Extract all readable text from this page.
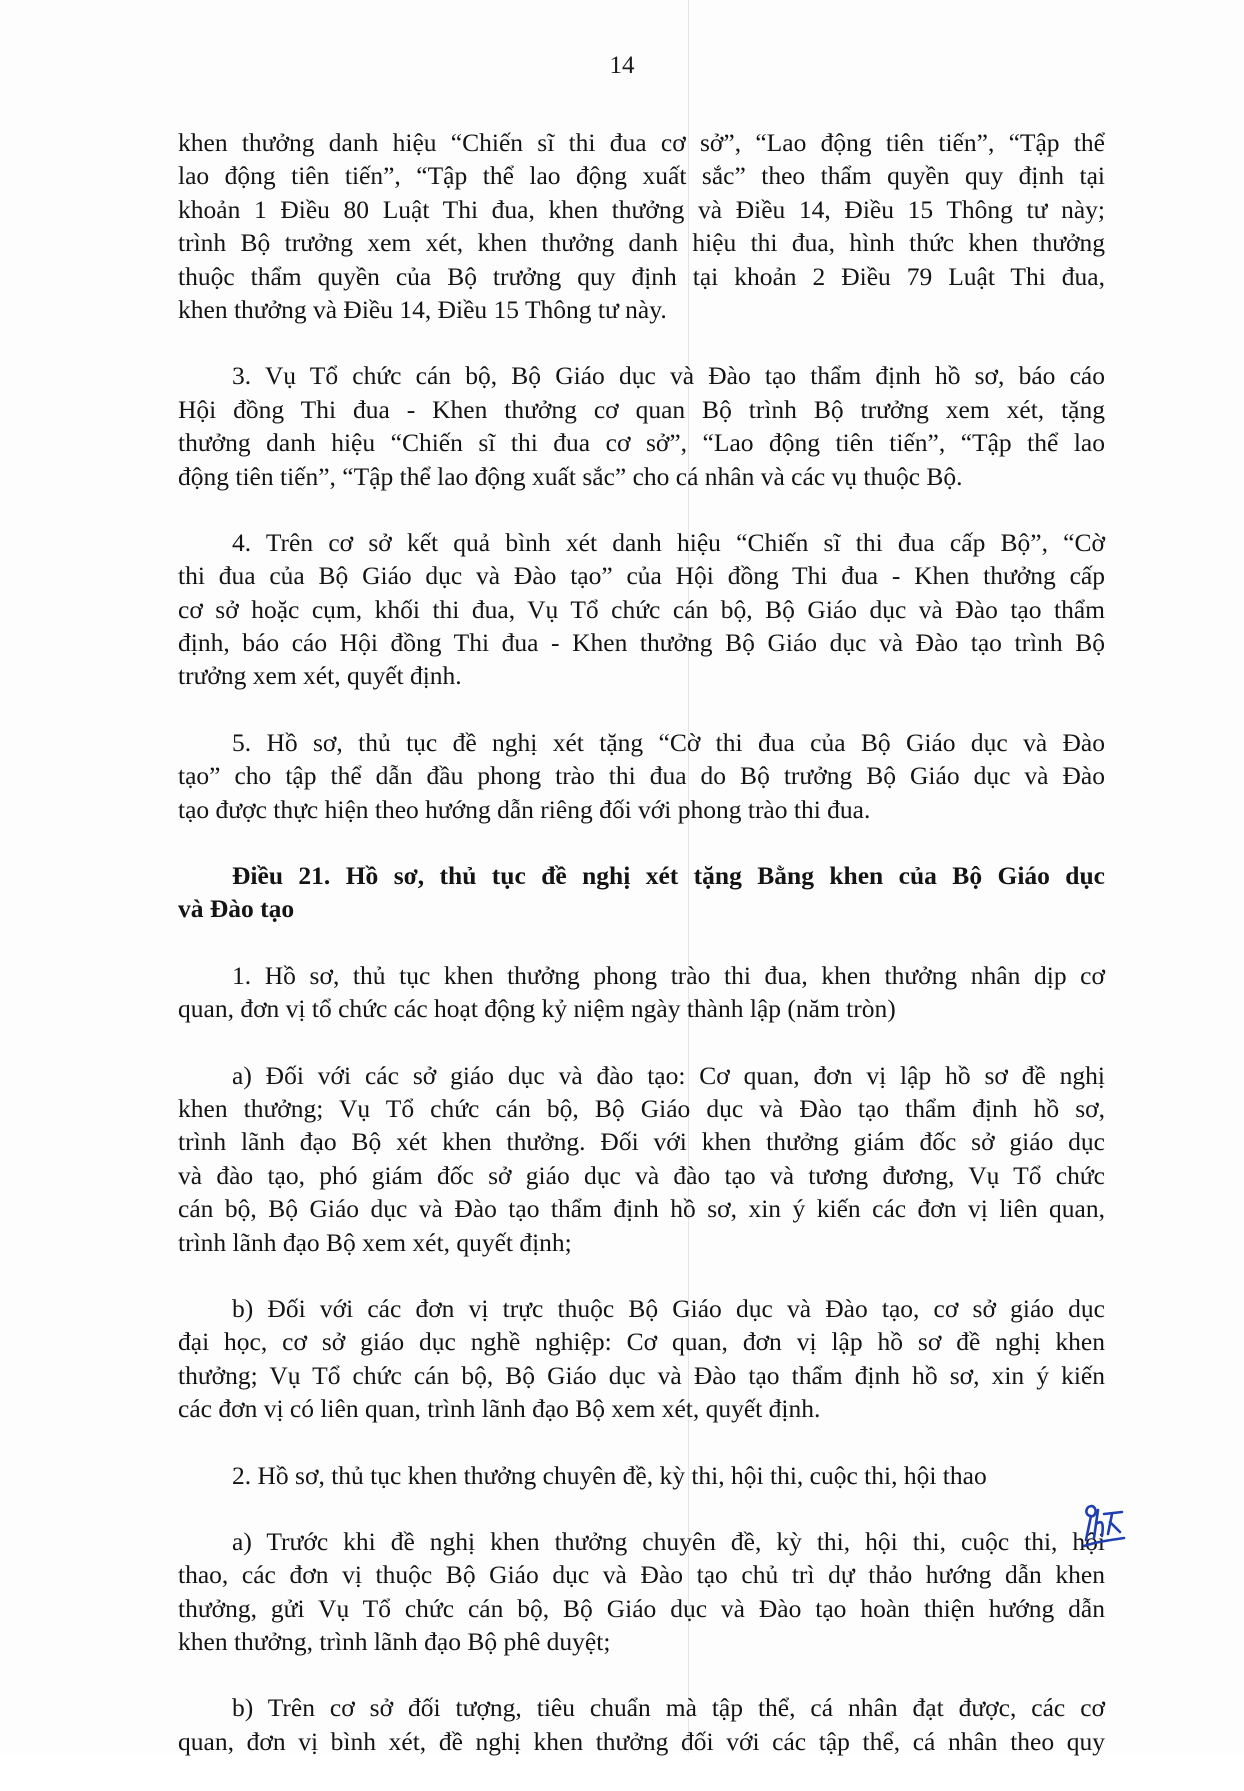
14
khen thưởng danh hiệu “Chiến sĩ thi đua cơ sở”, “Lao động tiên tiến”, “Tập thể
lao động tiên tiến”, “Tập thể lao động xuất sắc” theo thẩm quyền quy định tại
khoản 1 Điều 80 Luật Thi đua, khen thưởng và Điều 14, Điều 15 Thông tư này;
trình Bộ trưởng xem xét, khen thưởng danh hiệu thi đua, hình thức khen thưởng
thuộc thẩm quyền của Bộ trưởng quy định tại khoản 2 Điều 79 Luật Thi đua,
khen thưởng và Điều 14, Điều 15 Thông tư này.
3. Vụ Tổ chức cán bộ, Bộ Giáo dục và Đào tạo thẩm định hồ sơ, báo cáo
Hội đồng Thi đua - Khen thưởng cơ quan Bộ trình Bộ trưởng xem xét, tặng
thưởng danh hiệu “Chiến sĩ thi đua cơ sở”, “Lao động tiên tiến”, “Tập thể lao
động tiên tiến”, “Tập thể lao động xuất sắc” cho cá nhân và các vụ thuộc Bộ.
4. Trên cơ sở kết quả bình xét danh hiệu “Chiến sĩ thi đua cấp Bộ”, “Cờ
thi đua của Bộ Giáo dục và Đào tạo” của Hội đồng Thi đua - Khen thưởng cấp
cơ sở hoặc cụm, khối thi đua, Vụ Tổ chức cán bộ, Bộ Giáo dục và Đào tạo thẩm
định, báo cáo Hội đồng Thi đua - Khen thưởng Bộ Giáo dục và Đào tạo trình Bộ
trưởng xem xét, quyết định.
5. Hồ sơ, thủ tục đề nghị xét tặng “Cờ thi đua của Bộ Giáo dục và Đào
tạo” cho tập thể dẫn đầu phong trào thi đua do Bộ trưởng Bộ Giáo dục và Đào
tạo được thực hiện theo hướng dẫn riêng đối với phong trào thi đua.
Điều 21. Hồ sơ, thủ tục đề nghị xét tặng Bằng khen của Bộ Giáo dục
và Đào tạo
1. Hồ sơ, thủ tục khen thưởng phong trào thi đua, khen thưởng nhân dịp cơ
quan, đơn vị tổ chức các hoạt động kỷ niệm ngày thành lập (năm tròn)
a) Đối với các sở giáo dục và đào tạo: Cơ quan, đơn vị lập hồ sơ đề nghị
khen thưởng; Vụ Tổ chức cán bộ, Bộ Giáo dục và Đào tạo thẩm định hồ sơ,
trình lãnh đạo Bộ xét khen thưởng. Đối với khen thưởng giám đốc sở giáo dục
và đào tạo, phó giám đốc sở giáo dục và đào tạo và tương đương, Vụ Tổ chức
cán bộ, Bộ Giáo dục và Đào tạo thẩm định hồ sơ, xin ý kiến các đơn vị liên quan,
trình lãnh đạo Bộ xem xét, quyết định;
b) Đối với các đơn vị trực thuộc Bộ Giáo dục và Đào tạo, cơ sở giáo dục
đại học, cơ sở giáo dục nghề nghiệp: Cơ quan, đơn vị lập hồ sơ đề nghị khen
thưởng; Vụ Tổ chức cán bộ, Bộ Giáo dục và Đào tạo thẩm định hồ sơ, xin ý kiến
các đơn vị có liên quan, trình lãnh đạo Bộ xem xét, quyết định.
2. Hồ sơ, thủ tục khen thưởng chuyên đề, kỳ thi, hội thi, cuộc thi, hội thao
a) Trước khi đề nghị khen thưởng chuyên đề, kỳ thi, hội thi, cuộc thi, hội
thao, các đơn vị thuộc Bộ Giáo dục và Đào tạo chủ trì dự thảo hướng dẫn khen
thưởng, gửi Vụ Tổ chức cán bộ, Bộ Giáo dục và Đào tạo hoàn thiện hướng dẫn
khen thưởng, trình lãnh đạo Bộ phê duyệt;
b) Trên cơ sở đối tượng, tiêu chuẩn mà tập thể, cá nhân đạt được, các cơ
quan, đơn vị bình xét, đề nghị khen thưởng đối với các tập thể, cá nhân theo quy
